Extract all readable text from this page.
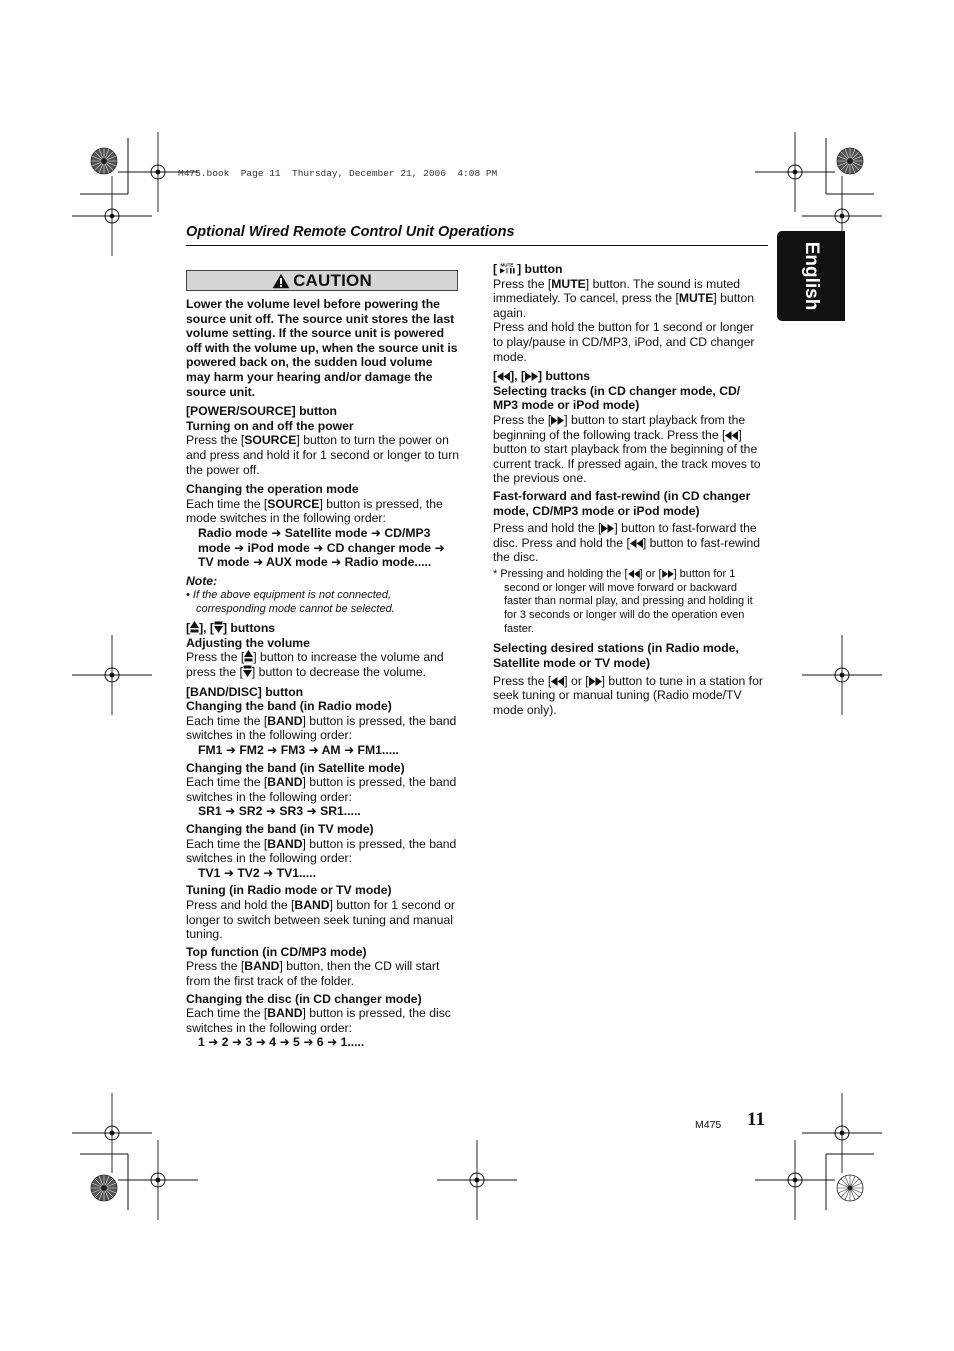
M475.book  Page 11  Thursday, December 21, 2006  4:08 PM
Optional Wired Remote Control Unit Operations
English
CAUTION

Lower the volume level before powering the source unit off. The source unit stores the last volume setting. If the source unit is powered off with the volume up, when the source unit is powered back on, the sudden loud volume may harm your hearing and/or damage the source unit.

[POWER/SOURCE] button

Turning on and off the power

Press the [SOURCE] button to turn the power on and press and hold it for 1 second or longer to turn the power off.

Changing the operation mode

Each time the [SOURCE] button is pressed, the mode switches in the following order:

Radio mode ➜ Satellite mode ➜ CD/MP3 mode ➜ iPod mode ➜ CD changer mode ➜ TV mode ➜ AUX mode ➜ Radio mode.....

Note:

• If the above equipment is not connected, corresponding mode cannot be selected.

[ ], [ ] buttons

Adjusting the volume

Press the [ ] button to increase the volume and press the [ ] button to decrease the volume.

[BAND/DISC] button

Changing the band (in Radio mode)

Each time the [BAND] button is pressed, the band switches in the following order:

FM1 ➜ FM2 ➜ FM3 ➜ AM ➜ FM1.....

Changing the band (in Satellite mode)

Each time the [BAND] button is pressed, the band switches in the following order:

SR1 ➜ SR2 ➜ SR3 ➜ SR1.....

Changing the band (in TV mode)

Each time the [BAND] button is pressed, the band switches in the following order:

TV1 ➜ TV2 ➜ TV1.....

Tuning (in Radio mode or TV mode)

Press and hold the [BAND] button for 1 second or longer to switch between seek tuning and manual tuning.

Top function (in CD/MP3 mode)

Press the [BAND] button, then the CD will start from the first track of the folder.

Changing the disc (in CD changer mode)

Each time the [BAND] button is pressed, the disc switches in the following order:

1 ➜ 2 ➜ 3 ➜ 4 ➜ 5 ➜ 6 ➜ 1.....

[ MUTE ] button

Press the [MUTE] button. The sound is muted immediately. To cancel, press the [MUTE] button again.

Press and hold the button for 1 second or longer to play/pause in CD/MP3, iPod, and CD changer mode.

[ ], [ ] buttons

Selecting tracks (in CD changer mode, CD/ MP3 mode or iPod mode)

Press the [ ] button to start playback from the beginning of the following track. Press the [ ] button to start playback from the beginning of the current track. If pressed again, the track moves to the previous one.

Fast-forward and fast-rewind (in CD changer mode, CD/MP3 mode or iPod mode)

Press and hold the [ ] button to fast-forward the disc. Press and hold the [ ] button to fast-rewind the disc.

* Pressing and holding the [ ] or [ ] button for 1 second or longer will move forward or backward faster than normal play, and pressing and holding it for 3 seconds or longer will do the operation even faster.

Selecting desired stations (in Radio mode, Satellite mode or TV mode)

Press the [ ] or [ ] button to tune in a station for seek tuning or manual tuning (Radio mode/TV mode only).

M475 11
